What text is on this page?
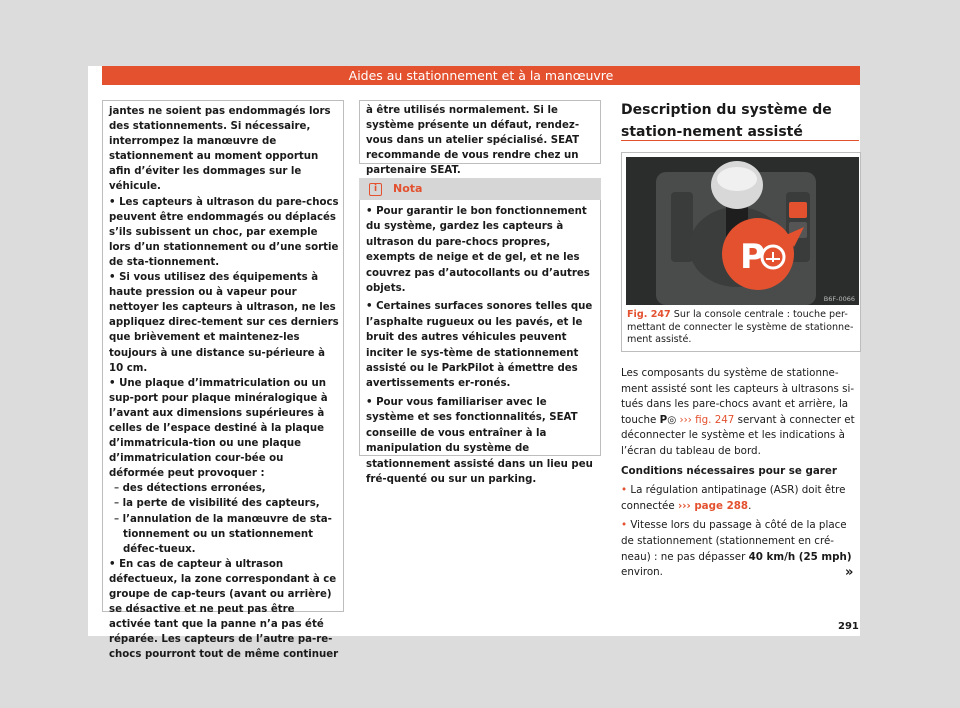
Aides au stationnement et à la manœuvre

jantes ne soient pas endommagés lors des stationnements. Si nécessaire, interrompez la manœuvre de stationnement au moment opportun afin d’éviter les dommages sur le véhicule.

• Les capteurs à ultrason du pare-chocs peuvent être endommagés ou déplacés s’ils subissent un choc, par exemple lors d’un stationnement ou d’une sortie de sta-tionnement.

• Si vous utilisez des équipements à haute pression ou à vapeur pour nettoyer les capteurs à ultrason, ne les appliquez direc-tement sur ces derniers que brièvement et maintenez-les toujours à une distance su-périeure à 10 cm.

• Une plaque d’immatriculation ou un sup-port pour plaque minéralogique à l’avant aux dimensions supérieures à celles de l’espace destiné à la plaque d’immatricula-tion ou une plaque d’immatriculation cour-bée ou déformée peut provoquer :

– des détections erronées,

– la perte de visibilité des capteurs,

– l’annulation de la manœuvre de sta-tionnement ou un stationnement défec-tueux.

• En cas de capteur à ultrason défectueux, la zone correspondant à ce groupe de cap-teurs (avant ou arrière) se désactive et ne peut pas être activée tant que la panne n’a pas été réparée. Les capteurs de l’autre pa-re-chocs pourront tout de même continuer

à être utilisés normalement. Si le système présente un défaut, rendez-vous dans un atelier spécialisé. SEAT recommande de vous rendre chez un partenaire SEAT.

i	Nota

• Pour garantir le bon fonctionnement du système, gardez les capteurs à ultrason du pare-chocs propres, exempts de neige et de gel, et ne les couvrez pas d’autocollants ou d’autres objets.

• Certaines surfaces sonores telles que l’asphalte rugueux ou les pavés, et le bruit des autres véhicules peuvent inciter le sys-tème de stationnement assisté ou le ParkPilot à émettre des avertissements er-ronés.

• Pour vous familiariser avec le système et ses fonctionnalités, SEAT conseille de vous entraîner à la manipulation du système de stationnement assisté dans un lieu peu fré-quenté ou sur un parking.

Description du système de station-nement assisté
P
B6F-0066
Fig. 247 Sur la console centrale : touche per-mettant de connecter le système de stationne-ment assisté.

Les composants du système de stationne-ment assisté sont les capteurs à ultrasons si-tués dans les pare-chocs avant et arrière, la touche P◎ ››› fig. 247 servant à connecter et déconnecter le système et les indications à l’écran du tableau de bord.

Conditions nécessaires pour se garer

• La régulation antipatinage (ASR) doit être connectée ››› page 288.

• Vitesse lors du passage à côté de la place de stationnement (stationnement en cré-neau) : ne pas dépasser 40 km/h (25 mph) environ.	»
291
